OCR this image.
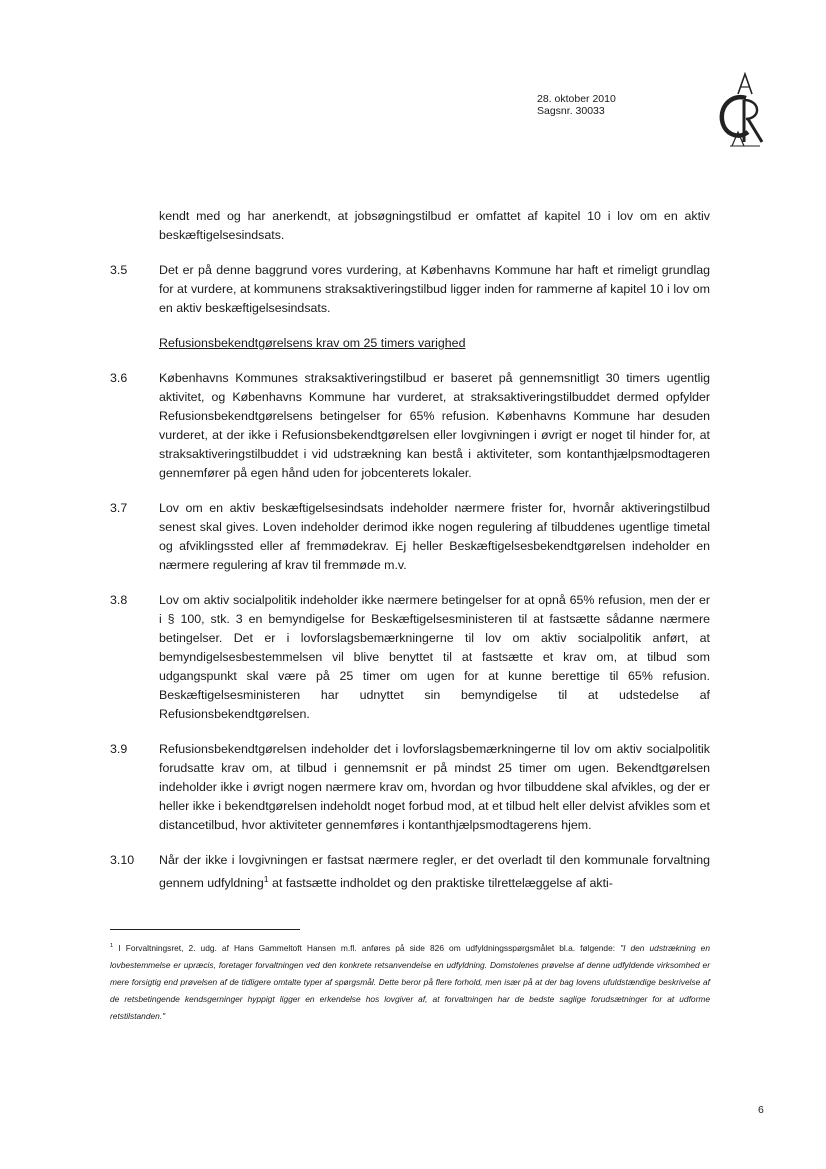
28. oktober 2010
Sagsnr. 30033
kendt med og har anerkendt, at jobsøgningstilbud er omfattet af kapitel 10 i lov om en aktiv beskæftigelsesindsats.
3.5	Det er på denne baggrund vores vurdering, at Københavns Kommune har haft et rimeligt grundlag for at vurdere, at kommunens straksaktiveringstilbud ligger inden for rammerne af kapitel 10 i lov om en aktiv beskæftigelsesindsats.
Refusionsbekendtgørelsens krav om 25 timers varighed
3.6	Københavns Kommunes straksaktiveringstilbud er baseret på gennemsnitligt 30 timers ugentlig aktivitet, og Københavns Kommune har vurderet, at straksaktiveringstilbuddet dermed opfylder Refusionsbekendtgørelsens betingelser for 65% refusion. Københavns Kommune har desuden vurderet, at der ikke i Refusionsbekendtgørelsen eller lovgivningen i øvrigt er noget til hinder for, at straksaktiveringstilbuddet i vid udstrækning kan bestå i aktiviteter, som kontanthjælpsmodtageren gennemfører på egen hånd uden for jobcenterets lokaler.
3.7	Lov om en aktiv beskæftigelsesindsats indeholder nærmere frister for, hvornår aktiveringstilbud senest skal gives. Loven indeholder derimod ikke nogen regulering af tilbuddenes ugentlige timetal og afviklingssted eller af fremmødekrav. Ej heller Beskæftigelsesbekendtgørelsen indeholder en nærmere regulering af krav til fremmøde m.v.
3.8	Lov om aktiv socialpolitik indeholder ikke nærmere betingelser for at opnå 65% refusion, men der er i § 100, stk. 3 en bemyndigelse for Beskæftigelsesministeren til at fastsætte sådanne nærmere betingelser. Det er i lovforslagsbemærkningerne til lov om aktiv socialpolitik anført, at bemyndigelsesbestemmelsen vil blive benyttet til at fastsætte et krav om, at tilbud som udgangspunkt skal være på 25 timer om ugen for at kunne berettige til 65% refusion. Beskæftigelsesministeren har udnyttet sin bemyndigelse til at udstedelse af Refusionsbekendtgørelsen.
3.9	Refusionsbekendtgørelsen indeholder det i lovforslagsbemærkningerne til lov om aktiv socialpolitik forudsatte krav om, at tilbud i gennemsnit er på mindst 25 timer om ugen. Bekendtgørelsen indeholder ikke i øvrigt nogen nærmere krav om, hvordan og hvor tilbuddene skal afvikles, og der er heller ikke i bekendtgørelsen indeholdt noget forbud mod, at et tilbud helt eller delvist afvikles som et distancetilbud, hvor aktiviteter gennemføres i kontanthjælpsmodtagerens hjem.
3.10	Når der ikke i lovgivningen er fastsat nærmere regler, er det overladt til den kommunale forvaltning gennem udfyldning$^1$ at fastsætte indholdet og den praktiske tilrettelæggelse af akti-
$^1$ I Forvaltningsret, 2. udg. af Hans Gammeltoft Hansen m.fl. anføres på side 826 om udfyldningsspørgsmålet bl.a. følgende: "I den udstrækning en lovbestemmelse er upræcis, foretager forvaltningen ved den konkrete retsanvendelse en udfyldning. Domstolenes prøvelse af denne udfyldende virksomhed er mere forsigtig end prøvelsen af de tidligere omtalte typer af spørgsmål. Dette beror på flere forhold, men især på at der bag lovens ufuldstændige beskrivelse af de retsbetingende kendsgerninger hyppigt ligger en erkendelse hos lovgiver af, at forvaltningen har de bedste saglige forudsætninger for at udforme retstilstanden."
6
